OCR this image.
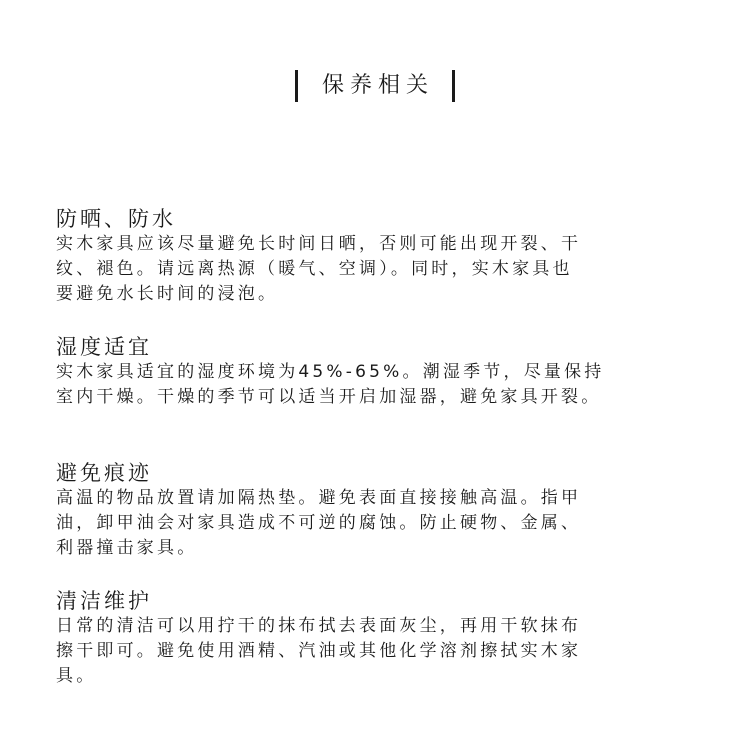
保养相关
防晒、防水

实木家具应该尽量避免长时间日晒，否则可能出现开裂、干

纹、褪色。请远离热源（暖气、空调）。同时，实木家具也

要避免水长时间的浸泡。

湿度适宜

实木家具适宜的湿度环境为45%-65%。潮湿季节，尽量保持

室内干燥。干燥的季节可以适当开启加湿器，避免家具开裂。

避免痕迹

高温的物品放置请加隔热垫。避免表面直接接触高温。指甲

油，卸甲油会对家具造成不可逆的腐蚀。防止硬物、金属、

利器撞击家具。

清洁维护

日常的清洁可以用拧干的抹布拭去表面灰尘，再用干软抹布

擦干即可。避免使用酒精、汽油或其他化学溶剂擦拭实木家

具。
